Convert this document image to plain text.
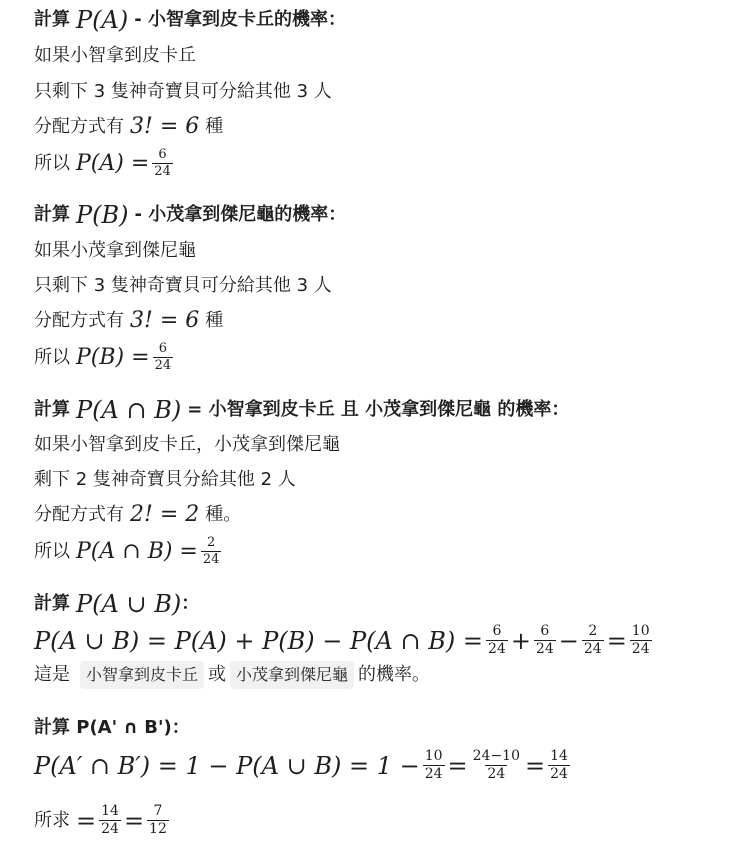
計算 P(A) - 小智拿到皮卡丘的機率：
如果小智拿到皮卡丘
只剩下 3 隻神奇寶貝可分給其他 3 人
分配方式有 3! = 6 種
所以 $P(A) = \frac{6}{24}$
計算 P(B) - 小茂拿到傑尼龜的機率：
如果小茂拿到傑尼龜
只剩下 3 隻神奇寶貝可分給其他 3 人
分配方式有 3! = 6 種
所以 $P(B) = \frac{6}{24}$
計算 P(A ∩ B) = 小智拿到皮卡丘 且 小茂拿到傑尼龜 的機率：
如果小智拿到皮卡丘，小茂拿到傑尼龜
剩下 2 隻神奇寶貝分給其他 2 人
分配方式有 2! = 2 種。
所以 P(A ∩ $B) = \frac{2}{24}$
計算 P(A ∪ B) ：
P(A ∪ B) = P(A) + P(B) − P(A ∩ $B) = \frac{6}{24} + \frac{6}{24} - \frac{2}{24} = \frac{10}{24}$
這是	小智拿到皮卡丘 或 小茂拿到傑尼龜 的機率。
計算 P(A' ∩ B')：
P(A′ ∩ B′) = 1 − P(A ∪ $B) = 1 - \frac{10}{24} = \frac{24-10}{24} = \frac{14}{24}$
所求 = $\frac{14}{24} = \frac{7}{12}$
